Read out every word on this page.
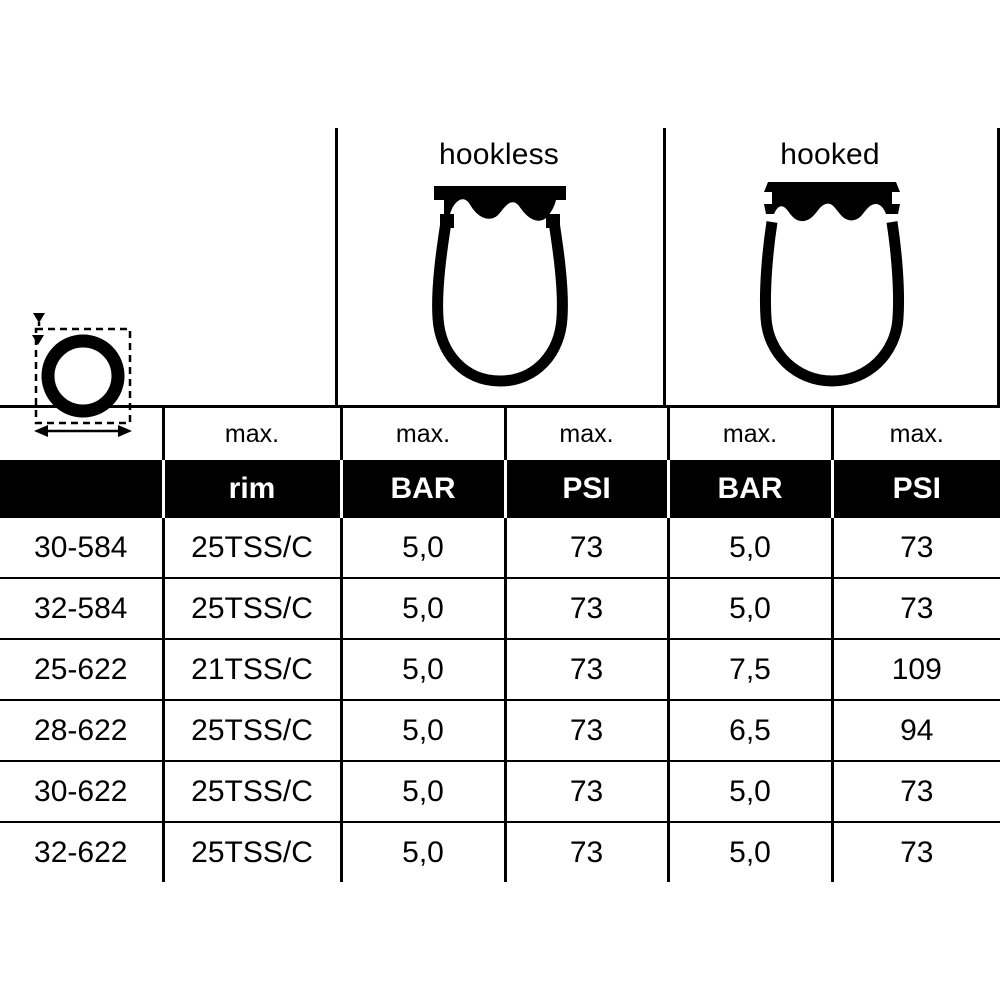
hookless	hooked
	max.	max.	max.	max.	max.
	rim	BAR	PSI	BAR	PSI
30-584	25TSS/C	5,0	73	5,0	73
32-584	25TSS/C	5,0	73	5,0	73
25-622	21TSS/C	5,0	73	7,5	109
28-622	25TSS/C	5,0	73	6,5	94
30-622	25TSS/C	5,0	73	5,0	73
32-622	25TSS/C	5,0	73	5,0	73
